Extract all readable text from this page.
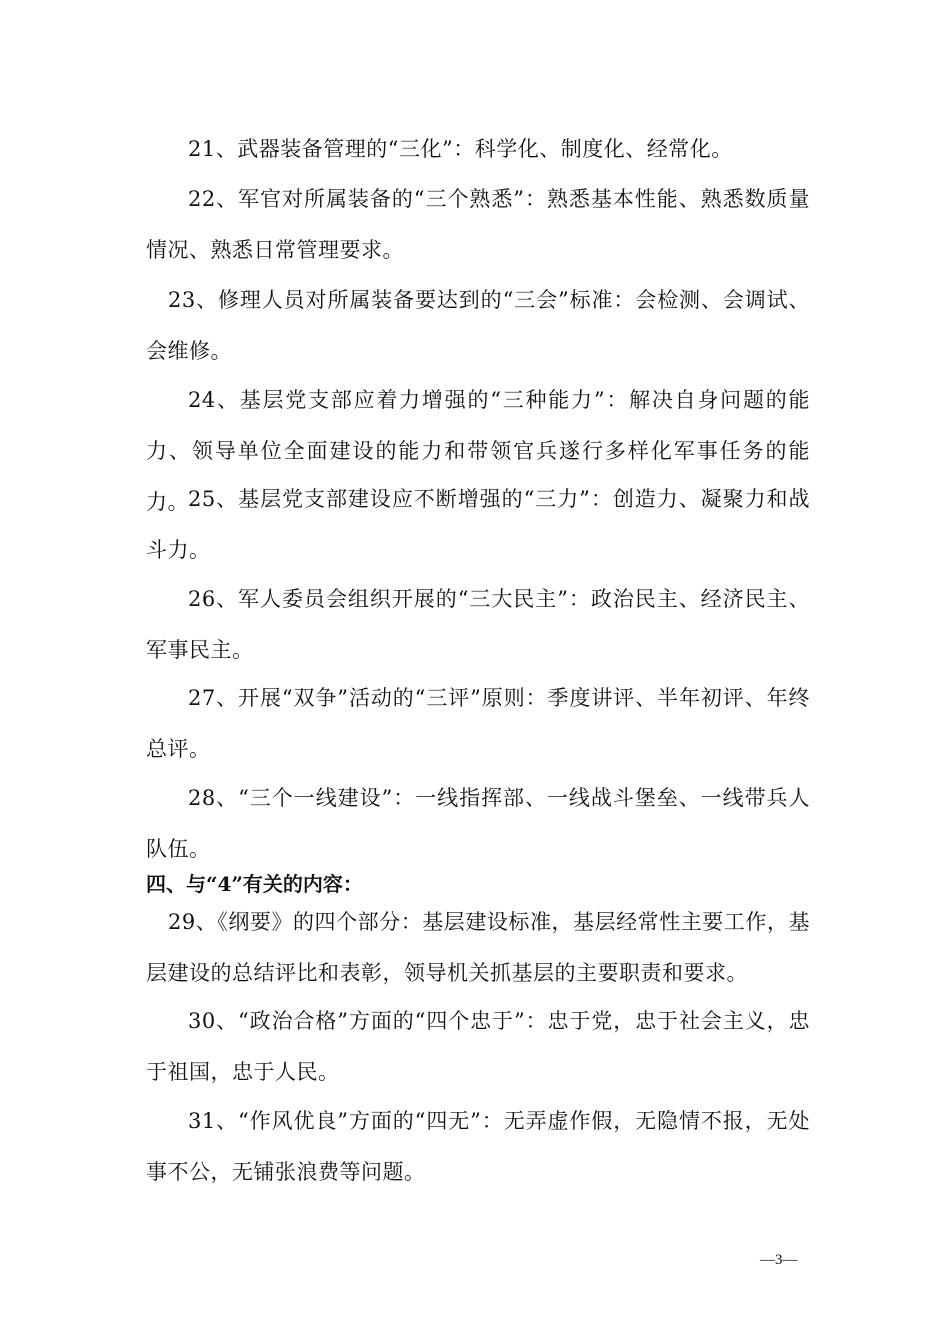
21、武器装备管理的“三化”：科学化、制度化、经常化。

22、军官对所属装备的“三个熟悉”：熟悉基本性能、熟悉数质量情况、熟悉日常管理要求。

23、修理人员对所属装备要达到的“三会”标准：会检测、会调试、会维修。

24、基层党支部应着力增强的“三种能力”：解决自身问题的能力、领导单位全面建设的能力和带领官兵遂行多样化军事任务的能力。 25、基层党支部建设应不断增强的“三力”：创造力、凝聚力和战斗力。

26、军人委员会组织开展的“三大民主”：政治民主、经济民主、军事民主。

27、开展“双争”活动的“三评”原则：季度讲评、半年初评、年终总评。

28、“三个一线建设”：一线指挥部、一线战斗堡垒、一线带兵人队伍。

四、与“4”有关的内容：

29、《纲要》的四个部分：基层建设标准，基层经常性主要工作，基层建设的总结评比和表彰，领导机关抓基层的主要职责和要求。

30、“政治合格”方面的“四个忠于”：忠于党，忠于社会主义，忠于祖国，忠于人民。

31、“作风优良”方面的“四无”：无弄虚作假，无隐情不报，无处事不公，无铺张浪费等问题。

—3—
